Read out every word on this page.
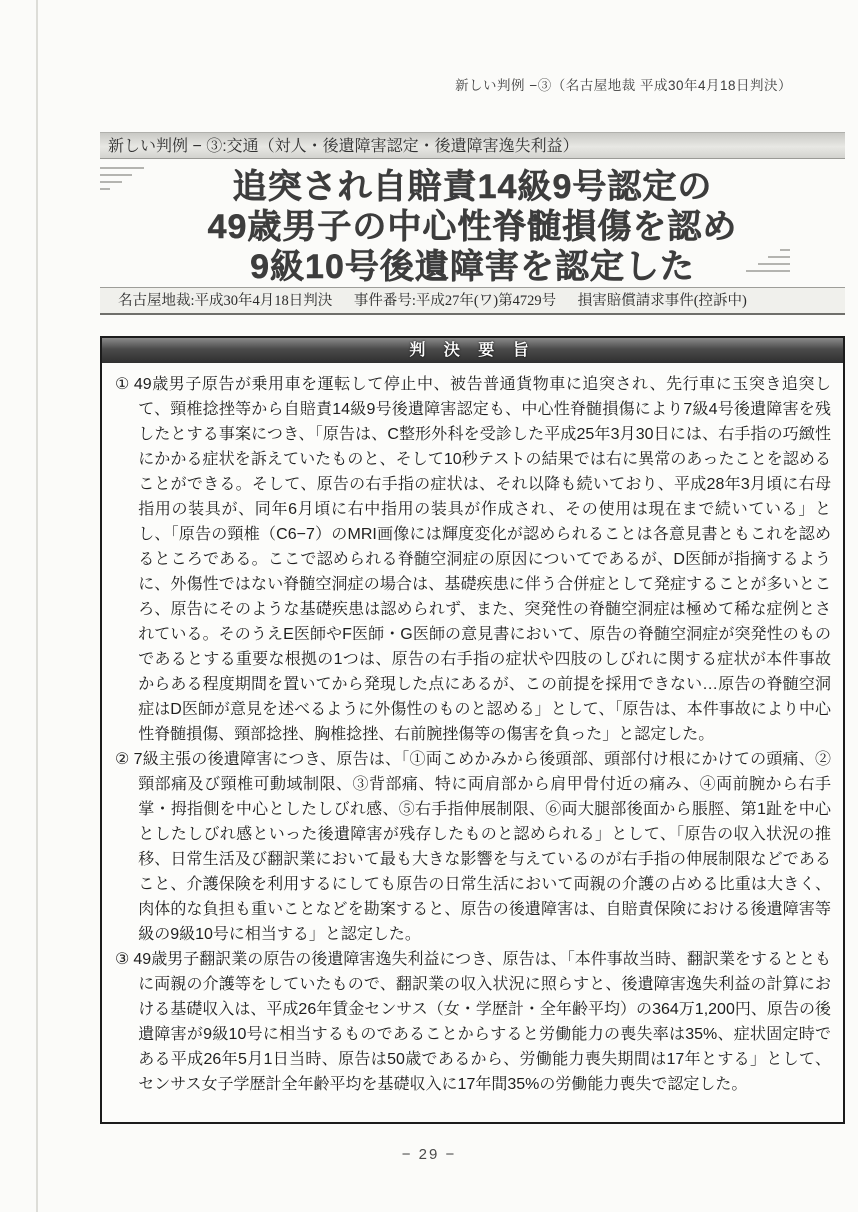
新しい判例 −③（名古屋地裁 平成30年4月18日判決）
新しい判例 − ③:交通（対人・後遺障害認定・後遺障害逸失利益）
追突され自賠責14級9号認定の
49歳男子の中心性脊髄損傷を認め
9級10号後遺障害を認定した
名古屋地裁:平成30年4月18日判決 事件番号:平成27年(ワ)第4729号 損害賠償請求事件(控訴中)
判 決 要 旨

① 49歳男子原告が乗用車を運転して停止中、被告普通貨物車に追突され、先行車に玉突き追突して、頸椎捻挫等から自賠責14級9号後遺障害認定も、中心性脊髄損傷により7級4号後遺障害を残したとする事案につき、「原告は、C整形外科を受診した平成25年3月30日には、右手指の巧緻性にかかる症状を訴えていたものと、そして10秒テストの結果では右に異常のあったことを認めることができる。そして、原告の右手指の症状は、それ以降も続いており、平成28年3月頃に右母指用の装具が、同年6月頃に右中指用の装具が作成され、その使用は現在まで続いている」とし、「原告の頸椎（C6−7）のMRI画像には輝度変化が認められることは各意見書ともこれを認めるところである。ここで認められる脊髄空洞症の原因についてであるが、D医師が指摘するように、外傷性ではない脊髄空洞症の場合は、基礎疾患に伴う合併症として発症することが多いところ、原告にそのような基礎疾患は認められず、また、突発性の脊髄空洞症は極めて稀な症例とされている。そのうえE医師やF医師・G医師の意見書において、原告の脊髄空洞症が突発性のものであるとする重要な根拠の1つは、原告の右手指の症状や四肢のしびれに関する症状が本件事故からある程度期間を置いてから発現した点にあるが、この前提を採用できない…原告の脊髄空洞症はD医師が意見を述べるように外傷性のものと認める」として、「原告は、本件事故により中心性脊髄損傷、頸部捻挫、胸椎捻挫、右前腕挫傷等の傷害を負った」と認定した。

② 7級主張の後遺障害につき、原告は、「①両こめかみから後頭部、頭部付け根にかけての頭痛、②頸部痛及び頸椎可動域制限、③背部痛、特に両肩部から肩甲骨付近の痛み、④両前腕から右手掌・拇指側を中心としたしびれ感、⑤右手指伸展制限、⑥両大腿部後面から脹脛、第1趾を中心としたしびれ感といった後遺障害が残存したものと認められる」として、「原告の収入状況の推移、日常生活及び翻訳業において最も大きな影響を与えているのが右手指の伸展制限などであること、介護保険を利用するにしても原告の日常生活において両親の介護の占める比重は大きく、肉体的な負担も重いことなどを勘案すると、原告の後遺障害は、自賠責保険における後遺障害等級の9級10号に相当する」と認定した。

③ 49歳男子翻訳業の原告の後遺障害逸失利益につき、原告は、「本件事故当時、翻訳業をするとともに両親の介護等をしていたもので、翻訳業の収入状況に照らすと、後遺障害逸失利益の計算における基礎収入は、平成26年賃金センサス（女・学歴計・全年齢平均）の364万1,200円、原告の後遺障害が9級10号に相当するものであることからすると労働能力の喪失率は35%、症状固定時である平成26年5月1日当時、原告は50歳であるから、労働能力喪失期間は17年とする」として、センサス女子学歴計全年齢平均を基礎収入に17年間35%の労働能力喪失で認定した。

− 29 −
